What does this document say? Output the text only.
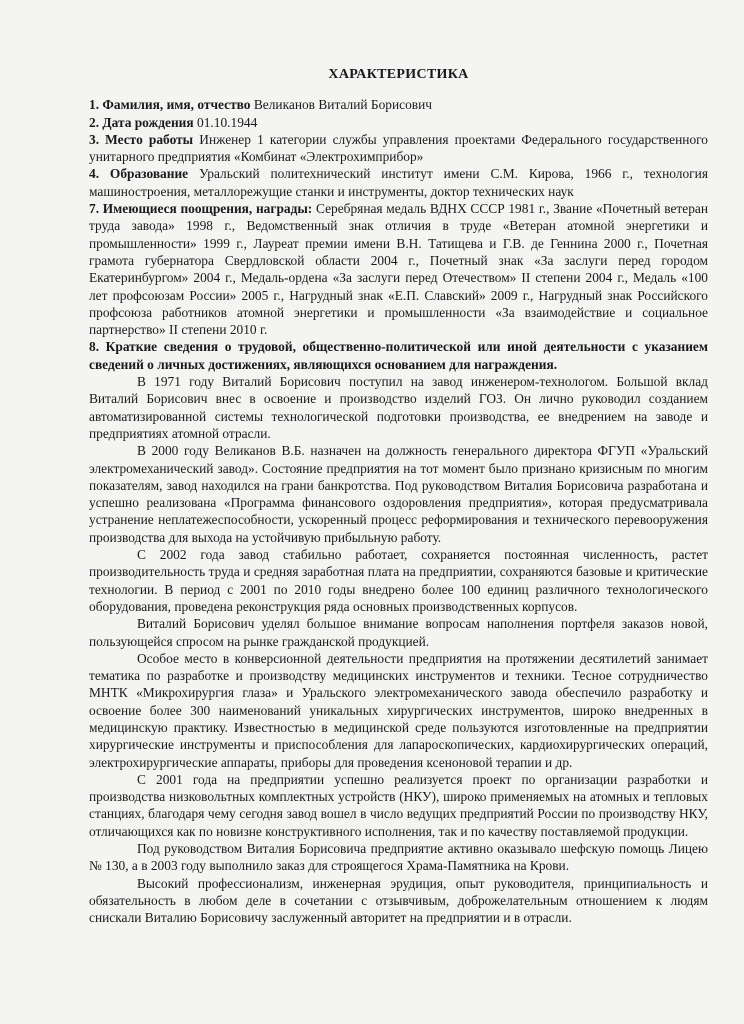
ХАРАКТЕРИСТИКА

1. Фамилия, имя, отчество Великанов Виталий Борисович

2. Дата рождения 01.10.1944

3. Место работы Инженер 1 категории службы управления проектами Федерального государственного унитарного предприятия «Комбинат «Электрохимприбор»

4. Образование Уральский политехнический институт имени С.М. Кирова, 1966 г., технология машиностроения, металлорежущие станки и инструменты, доктор технических наук

7. Имеющиеся поощрения, награды: Серебряная медаль ВДНХ СССР 1981 г., Звание «Почетный ветеран труда завода» 1998 г., Ведомственный знак отличия в труде «Ветеран атомной энергетики и промышленности» 1999 г., Лауреат премии имени В.Н. Татищева и Г.В. де Геннина 2000 г., Почетная грамота губернатора Свердловской области 2004 г., Почетный знак «За заслуги перед городом Екатеринбургом» 2004 г., Медаль-ордена «За заслуги перед Отечеством» II степени 2004 г., Медаль «100 лет профсоюзам России» 2005 г., Нагрудный знак «Е.П. Славский» 2009 г., Нагрудный знак Российского профсоюза работников атомной энергетики и промышленности «За взаимодействие и социальное партнерство» II степени 2010 г.

8. Краткие сведения о трудовой, общественно-политической или иной деятельности с указанием сведений о личных достижениях, являющихся основанием для награждения.

В 1971 году Виталий Борисович поступил на завод инженером-технологом. Большой вклад Виталий Борисович внес в освоение и производство изделий ГОЗ. Он лично руководил созданием автоматизированной системы технологической подготовки производства, ее внедрением на заводе и предприятиях атомной отрасли.

В 2000 году Великанов В.Б. назначен на должность генерального директора ФГУП «Уральский электромеханический завод». Состояние предприятия на тот момент было признано кризисным по многим показателям, завод находился на грани банкротства. Под руководством Виталия Борисовича разработана и успешно реализована «Программа финансового оздоровления предприятия», которая предусматривала устранение неплатежеспособности, ускоренный процесс реформирования и технического перевооружения производства для выхода на устойчивую прибыльную работу.

С 2002 года завод стабильно работает, сохраняется постоянная численность, растет производительность труда и средняя заработная плата на предприятии, сохраняются базовые и критические технологии. В период с 2001 по 2010 годы внедрено более 100 единиц различного технологического оборудования, проведена реконструкция ряда основных производственных корпусов.

Виталий Борисович уделял большое внимание вопросам наполнения портфеля заказов новой, пользующейся спросом на рынке гражданской продукцией.

Особое место в конверсионной деятельности предприятия на протяжении десятилетий занимает тематика по разработке и производству медицинских инструментов и техники. Тесное сотрудничество МНТК «Микрохирургия глаза» и Уральского электромеханического завода обеспечило разработку и освоение более 300 наименований уникальных хирургических инструментов, широко внедренных в медицинскую практику. Известностью в медицинской среде пользуются изготовленные на предприятии хирургические инструменты и приспособления для лапароскопических, кардиохирургических операций, электрохирургические аппараты, приборы для проведения ксеноновой терапии и др.

С 2001 года на предприятии успешно реализуется проект по организации разработки и производства низковольтных комплектных устройств (НКУ), широко применяемых на атомных и тепловых станциях, благодаря чему сегодня завод вошел в число ведущих предприятий России по производству НКУ, отличающихся как по новизне конструктивного исполнения, так и по качеству поставляемой продукции.

Под руководством Виталия Борисовича предприятие активно оказывало шефскую помощь Лицею № 130, а в 2003 году выполнило заказ для строящегося Храма-Памятника на Крови.

Высокий профессионализм, инженерная эрудиция, опыт руководителя, принципиальность и обязательность в любом деле в сочетании с отзывчивым, доброжелательным отношением к людям снискали Виталию Борисовичу заслуженный авторитет на предприятии и в отрасли.
